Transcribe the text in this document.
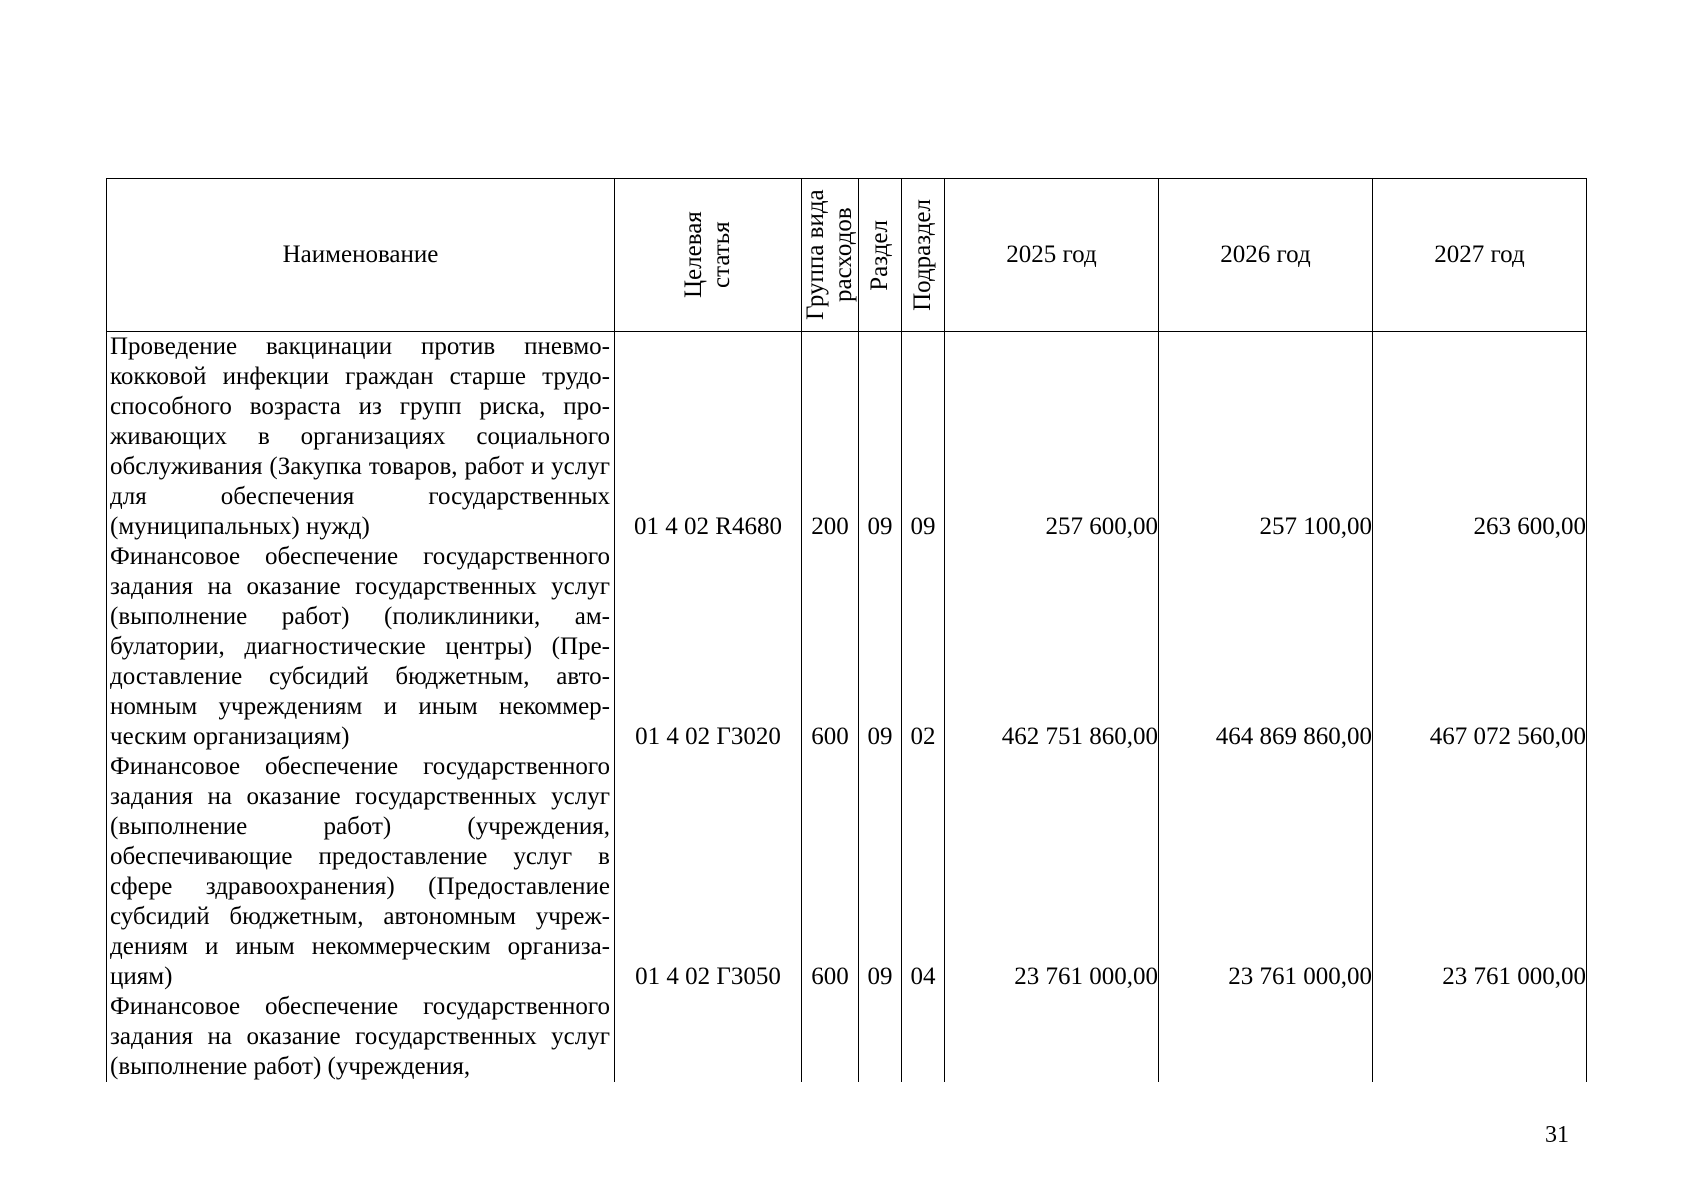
Наименование	Целевая статья	Группа вида расходов	Раздел	Подраздел	2025 год	2026 год	2027 год
Проведение вакцинации против пневмококковой инфекции граждан старше трудоспособного возраста из групп риска, проживающих в организациях социального обслуживания (Закупка товаров, работ и услуг для обеспечения государственных (муниципальных) нужд)	01 4 02 R4680	200	09	09	257 600,00	257 100,00	263 600,00
Финансовое обеспечение государственного задания на оказание государственных услуг (выполнение работ) (поликлиники, амбулатории, диагностические центры) (Предоставление субсидий бюджетным, автономным учреждениям и иным некоммерческим организациям)	01 4 02 Г3020	600	09	02	462 751 860,00	464 869 860,00	467 072 560,00
Финансовое обеспечение государственного задания на оказание государственных услуг (выполнение работ) (учреждения, обеспечивающие предоставление услуг в сфере здравоохранения) (Предоставление субсидий бюджетным, автономным учреждениям и иным некоммерческим организациям)	01 4 02 Г3050	600	09	04	23 761 000,00	23 761 000,00	23 761 000,00
Финансовое обеспечение государственного задания на оказание государственных услуг (выполнение работ) (учреждения,							
31
